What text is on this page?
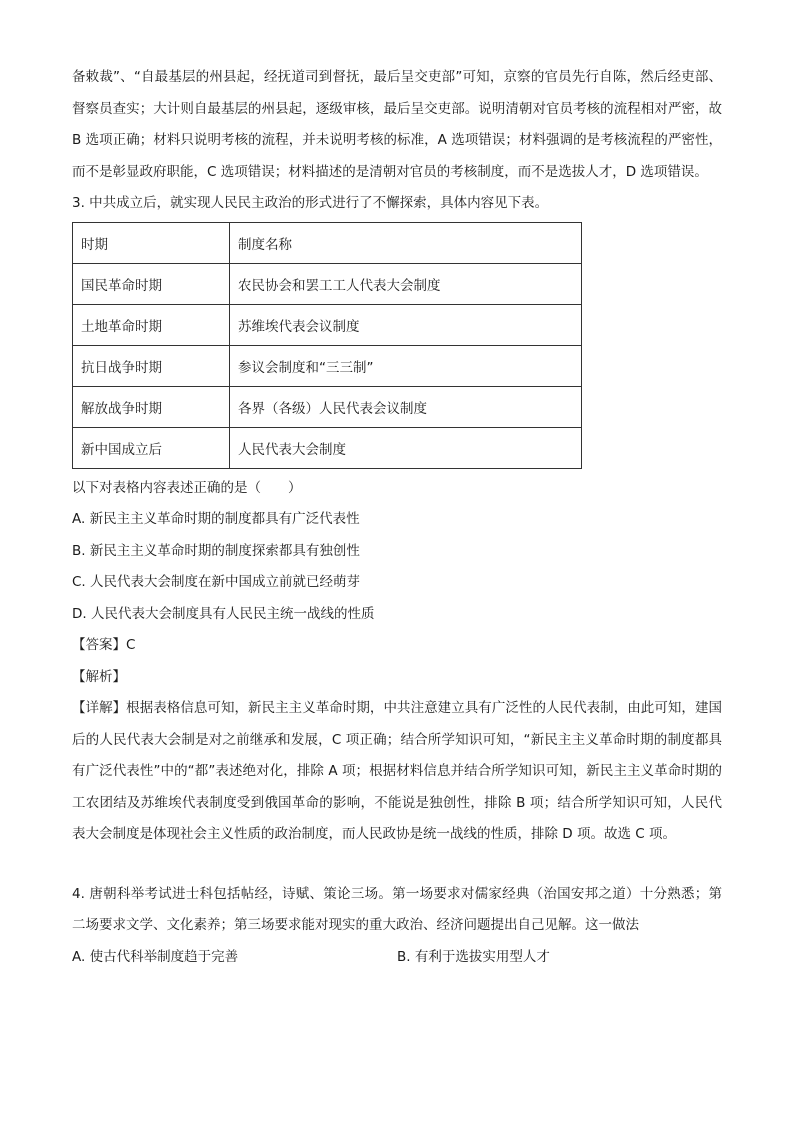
备敕裁”、“自最基层的州县起，经抚道司到督抚，最后呈交吏部”可知，京察的官员先行自陈，然后经吏部、督察员查实；大计则自最基层的州县起，逐级审核，最后呈交吏部。说明清朝对官员考核的流程相对严密，故 B 选项正确；材料只说明考核的流程，并未说明考核的标准，A 选项错误；材料强调的是考核流程的严密性，而不是彰显政府职能，C 选项错误；材料描述的是清朝对官员的考核制度，而不是选拔人才，D 选项错误。

3. 中共成立后，就实现人民民主政治的形式进行了不懈探索，具体内容见下表。

时期	制度名称
国民革命时期	农民协会和罢工工人代表大会制度
土地革命时期	苏维埃代表会议制度
抗日战争时期	参议会制度和“三三制”
解放战争时期	各界（各级）人民代表会议制度
新中国成立后	人民代表大会制度

以下对表格内容表述正确的是（　　）

A. 新民主主义革命时期的制度都具有广泛代表性

B. 新民主主义革命时期的制度探索都具有独创性

C. 人民代表大会制度在新中国成立前就已经萌芽

D. 人民代表大会制度具有人民民主统一战线的性质

【答案】C

【解析】

【详解】根据表格信息可知，新民主主义革命时期，中共注意建立具有广泛性的人民代表制，由此可知，建国后的人民代表大会制是对之前继承和发展，C 项正确；结合所学知识可知，“新民主主义革命时期的制度都具有广泛代表性”中的“都”表述绝对化，排除 A 项；根据材料信息并结合所学知识可知，新民主主义革命时期的工农团结及苏维埃代表制度受到俄国革命的影响，不能说是独创性，排除 B 项；结合所学知识可知，人民代表大会制度是体现社会主义性质的政治制度，而人民政协是统一战线的性质，排除 D 项。故选 C 项。

4. 唐朝科举考试进士科包括帖经，诗赋、策论三场。第一场要求对儒家经典（治国安邦之道）十分熟悉；第二场要求文学、文化素养；第三场要求能对现实的重大政治、经济问题提出自己见解。这一做法

A. 使古代科举制度趋于完善	B. 有利于选拔实用型人才
